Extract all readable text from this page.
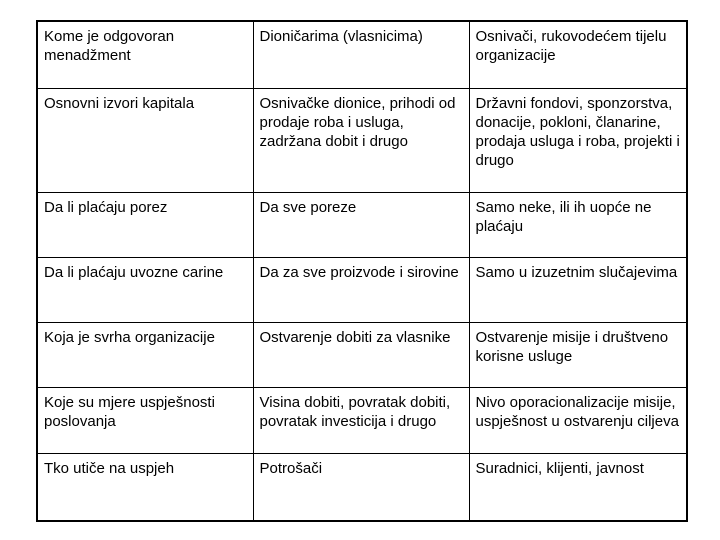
Kome je odgovoran menadžment	Dioničarima (vlasnicima)	Osnivači, rukovodećem tijelu organizacije

Osnovni izvori kapitala	Osnivačke dionice, prihodi od prodaje roba i usluga, zadržana dobit i drugo	Državni fondovi, sponzorstva, donacije, pokloni, članarine, prodaja usluga i roba, projekti i drugo

Da li plaćaju porez	Da sve poreze	Samo neke, ili ih uopće ne plaćaju

Da li plaćaju uvozne carine	Da za sve proizvode i sirovine	Samo u izuzetnim slučajevima

Koja je svrha organizacije	Ostvarenje dobiti za vlasnike	Ostvarenje misije i društveno korisne usluge

Koje su mjere uspješnosti poslovanja	Visina dobiti, povratak dobiti, povratak investicija i drugo	Nivo oporacionalizacije misije, uspješnost u ostvarenju ciljeva

Tko utiče na uspjeh	Potrošači	Suradnici, klijenti, javnost
